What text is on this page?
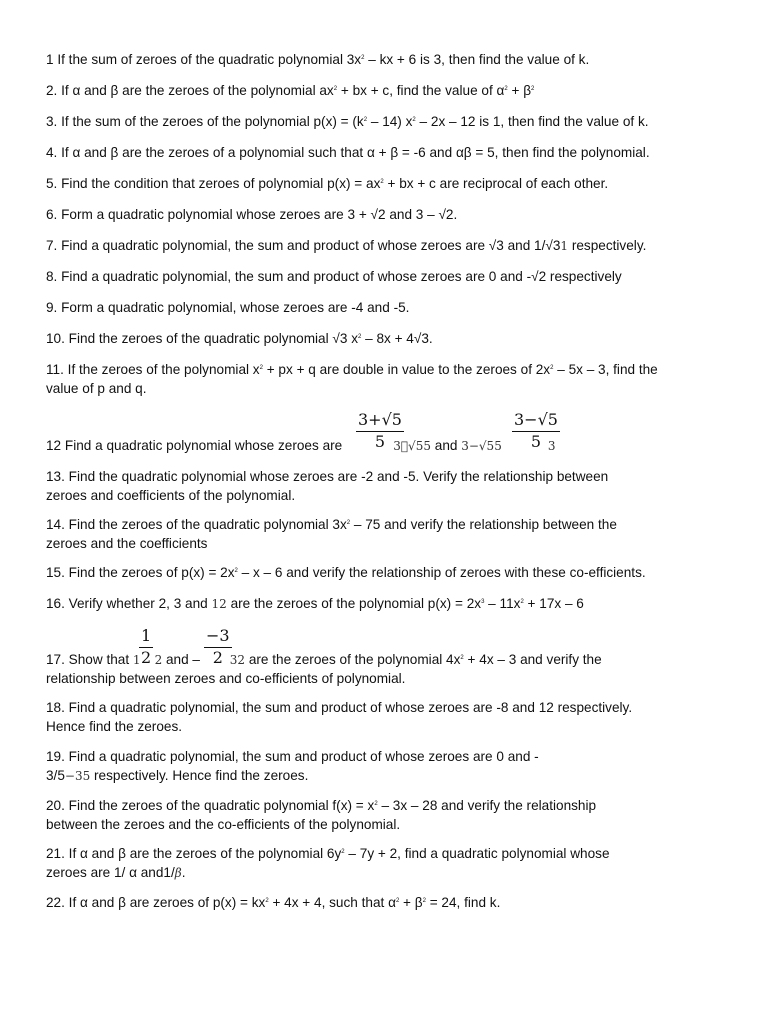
1 If the sum of zeroes of the quadratic polynomial $3x^2$ – kx + 6 is 3, then find the value of k.

2. If α and β are the zeroes of the polynomial $ax^2$ + bx + c, find the value of $\alpha^2 + \beta^2$

3. If the sum of the zeroes of the polynomial $p(x) = (k^2 - 14)$ $x^2 - 2x - 12$ is 1, then find the value of k.

4. If α and β are the zeroes of a polynomial such that α + β = -6 and αβ = 5, then find the polynomial.

5. Find the condition that zeroes of polynomial $p(x) = ax^2$ + bx + c are reciprocal of each other.

6. Form a quadratic polynomial whose zeroes are 3 + √2 and 3 – √2.

7. Find a quadratic polynomial, the sum and product of whose zeroes are √3 and 1/√31 respectively.

8. Find a quadratic polynomial, the sum and product of whose zeroes are 0 and -√2 respectively

9. Form a quadratic polynomial, whose zeroes are -4 and -5.

10. Find the zeroes of the quadratic polynomial √3 $x^2 - 8x + 4√3$.

11. If the zeroes of the polynomial $x^2$ + px + q are double in value to the zeroes of $2x^2 - 5x - 3$, find the value of p and q.

$\frac{3+√5}{5}$	$\frac{3-√5}{5}$

12 Find a quadratic polynomial whose zeroes are	3⃞√55 and 3−√55	3

13. Find the quadratic polynomial whose zeroes are -2 and -5. Verify the relationship between zeroes and coefficients of the polynomial.

14. Find the zeroes of the quadratic polynomial $3x^2 - 75$ and verify the relationship between the zeroes and the coefficients

15. Find the zeroes of $p(x) = 2x^2 - x - 6$ and verify the relationship of zeroes with these co-efficients.

16. Verify whether 2, 3 and 12 are the zeroes of the polynomial $p(x) = 2x^3 - 11x^2 + 17x - 6$

$\frac{1}{2}$	$\frac{-3}{2}$

17. Show that 1 2 and – 32 are the zeroes of the polynomial $4x^2 + 4x - 3$ and verify the relationship between zeroes and co-efficients of polynomial.

18. Find a quadratic polynomial, the sum and product of whose zeroes are -8 and 12 respectively. Hence find the zeroes.

19. Find a quadratic polynomial, the sum and product of whose zeroes are 0 and -
3/5−35 respectively. Hence find the zeroes.

20. Find the zeroes of the quadratic polynomial $f(x) = x^2 - 3x - 28$ and verify the relationship between the zeroes and the co-efficients of the polynomial.

21. If α and β are the zeroes of the polynomial $6y^2 - 7y + 2$, find a quadratic polynomial whose zeroes are 1/ α and1/β.

22. If α and β are zeroes of $p(x) = kx^2 + 4x + 4$, such that $\alpha^2 + \beta^2 = 24$, find k.
